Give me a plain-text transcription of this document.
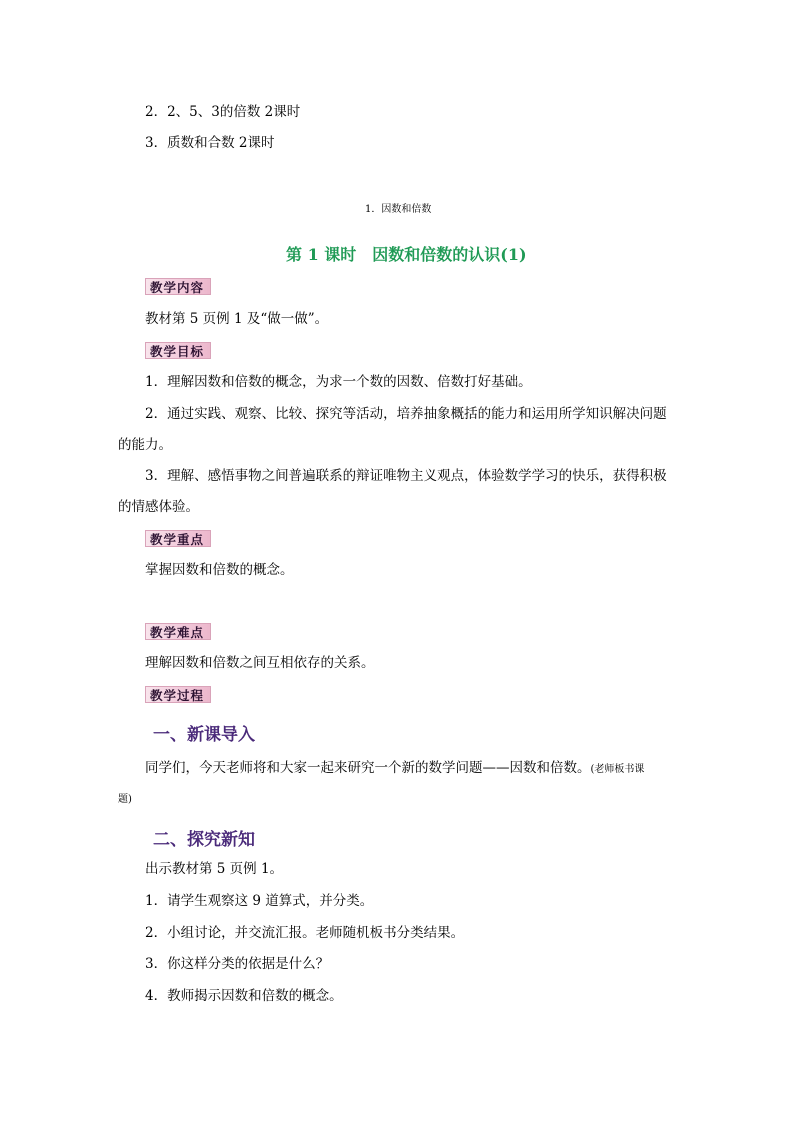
2．2、5、3的倍数 2课时
3．质数和合数 2课时
1．因数和倍数
第 1 课时　因数和倍数的认识(1)
教学内容
教材第 5 页例 1 及“做一做”。
教学目标
1．理解因数和倍数的概念，为求一个数的因数、倍数打好基础。
2．通过实践、观察、比较、探究等活动，培养抽象概括的能力和运用所学知识解决问题
的能力。
3．理解、感悟事物之间普遍联系的辩证唯物主义观点，体验数学学习的快乐，获得积极
的情感体验。
教学重点
掌握因数和倍数的概念。
教学难点
理解因数和倍数之间互相依存的关系。
教学过程
一、新课导入
同学们，今天老师将和大家一起来研究一个新的数学问题——因数和倍数。(老师板书课
题)
二、探究新知
出示教材第 5 页例 1。
1．请学生观察这 9 道算式，并分类。
2．小组讨论，并交流汇报。老师随机板书分类结果。
3．你这样分类的依据是什么？
4．教师揭示因数和倍数的概念。
